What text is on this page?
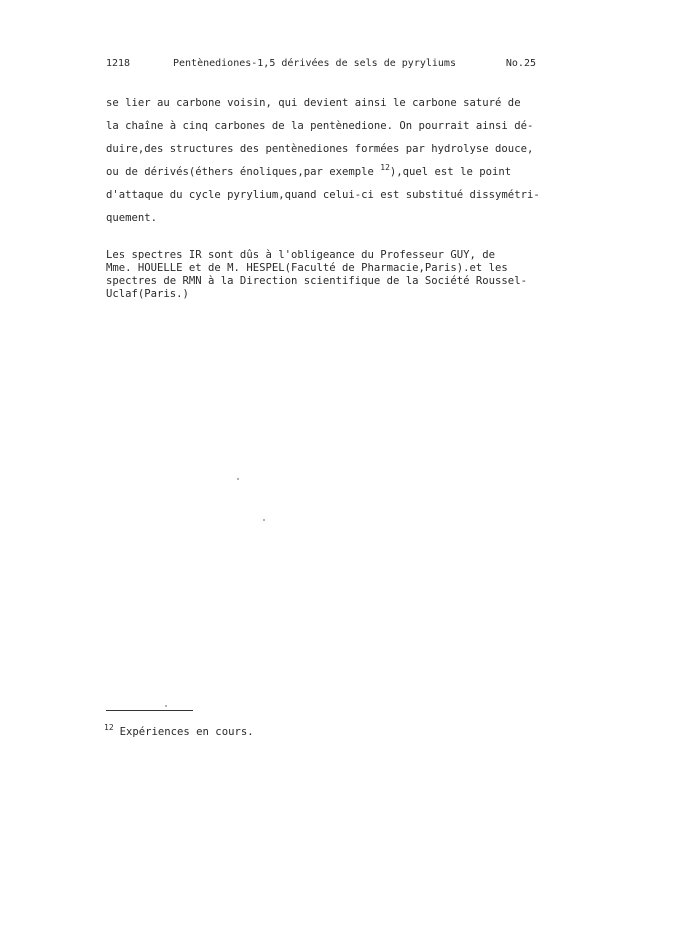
1218	Pentènediones-1,5 dérivées de sels de pyryliums	No.25
se lier au carbone voisin, qui devient ainsi le carbone saturé de
la chaîne à cinq carbones de la pentènedione. On pourrait ainsi dé-
duire,des structures des pentènediones formées par hydrolyse douce,
ou de dérivés(éthers énoliques,par exemple $^{12}$),quel est le point
d'attaque du cycle pyrylium,quand celui-ci est substitué dissymétri-
quement.
Les spectres IR sont dûs à l'obligeance du Professeur GUY, de
Mme. HOUELLE et de M. HESPEL(Faculté de Pharmacie,Paris).et les
spectres de RMN à la Direction scientifique de la Société Roussel-
Uclaf(Paris.)
$^{12}$ Expériences en cours.
